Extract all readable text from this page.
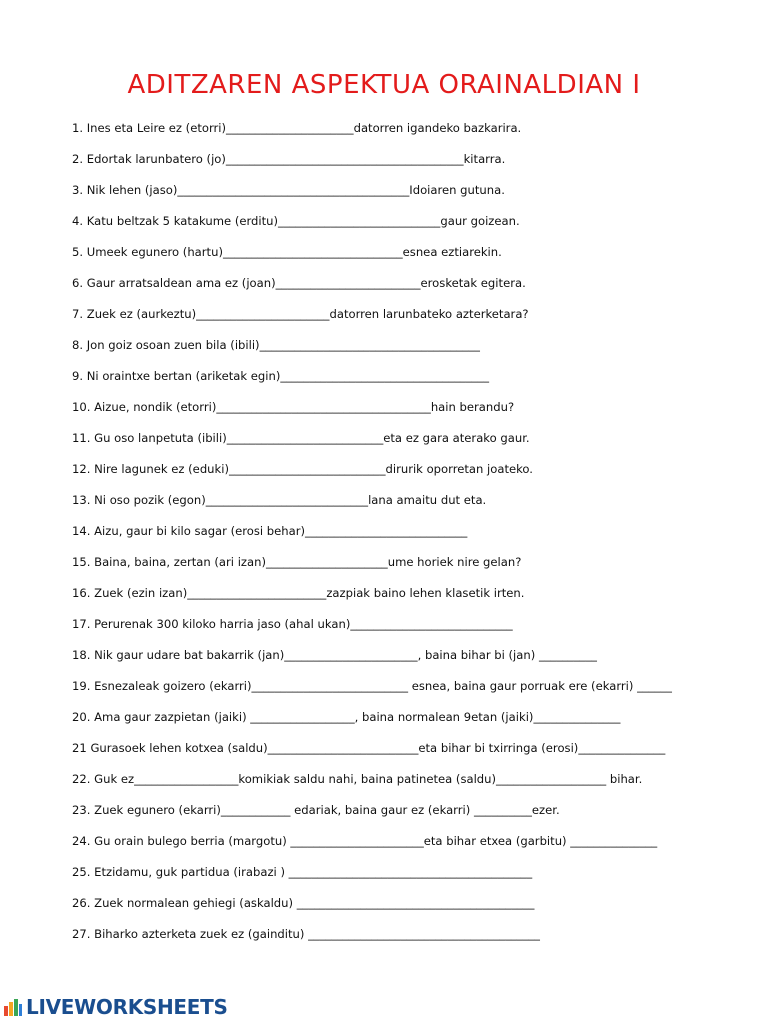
ADITZAREN ASPEKTUA ORAINALDIAN I
1. Ines eta Leire ez (etorri)______________________datorren igandeko bazkarira.
2. Edortak larunbatero (jo)_________________________________________kitarra.
3. Nik lehen (jaso)________________________________________Idoiaren gutuna.
4. Katu beltzak 5 katakume (erditu)____________________________gaur goizean.
5. Umeek egunero (hartu)_______________________________esnea eztiarekin.
6. Gaur arratsaldean ama ez (joan)_________________________erosketak egitera.
7. Zuek ez (aurkeztu)_______________________datorren larunbateko azterketara?
8. Jon goiz osoan zuen bila (ibili)______________________________________
9. Ni oraintxe bertan (ariketak egin)____________________________________
10. Aizue, nondik (etorri)_____________________________________hain berandu?
11. Gu oso lanpetuta (ibili)___________________________eta ez gara aterako gaur.
12. Nire lagunek ez (eduki)___________________________dirurik oporretan joateko.
13. Ni oso pozik (egon)____________________________lana amaitu dut eta.
14. Aizu, gaur bi kilo sagar (erosi behar)____________________________
15. Baina, baina, zertan (ari izan)_____________________ume horiek nire gelan?
16. Zuek (ezin izan)________________________zazpiak baino lehen klasetik irten.
17. Perurenak 300 kiloko harria jaso (ahal ukan)____________________________
18. Nik gaur udare bat bakarrik (jan)_______________________, baina bihar bi (jan) __________
19. Esnezaleak goizero (ekarri)___________________________ esnea, baina gaur porruak ere (ekarri) ______
20. Ama gaur zazpietan (jaiki) __________________, baina normalean 9etan (jaiki)_______________
21 Gurasoek lehen kotxea (saldu)__________________________eta bihar bi txirringa (erosi)_______________
22. Guk ez__________________komikiak saldu nahi, baina patinetea (saldu)___________________ bihar.
23. Zuek egunero (ekarri)____________ edariak, baina gaur ez (ekarri) __________ezer.
24. Gu orain bulego berria (margotu) _______________________eta bihar etxea (garbitu) _______________
25. Etzidamu, guk partidua (irabazi ) __________________________________________
26. Zuek normalean gehiegi (askaldu) _________________________________________
27. Biharko azterketa zuek ez (gainditu) ________________________________________
LIVEWORKSHEETS
